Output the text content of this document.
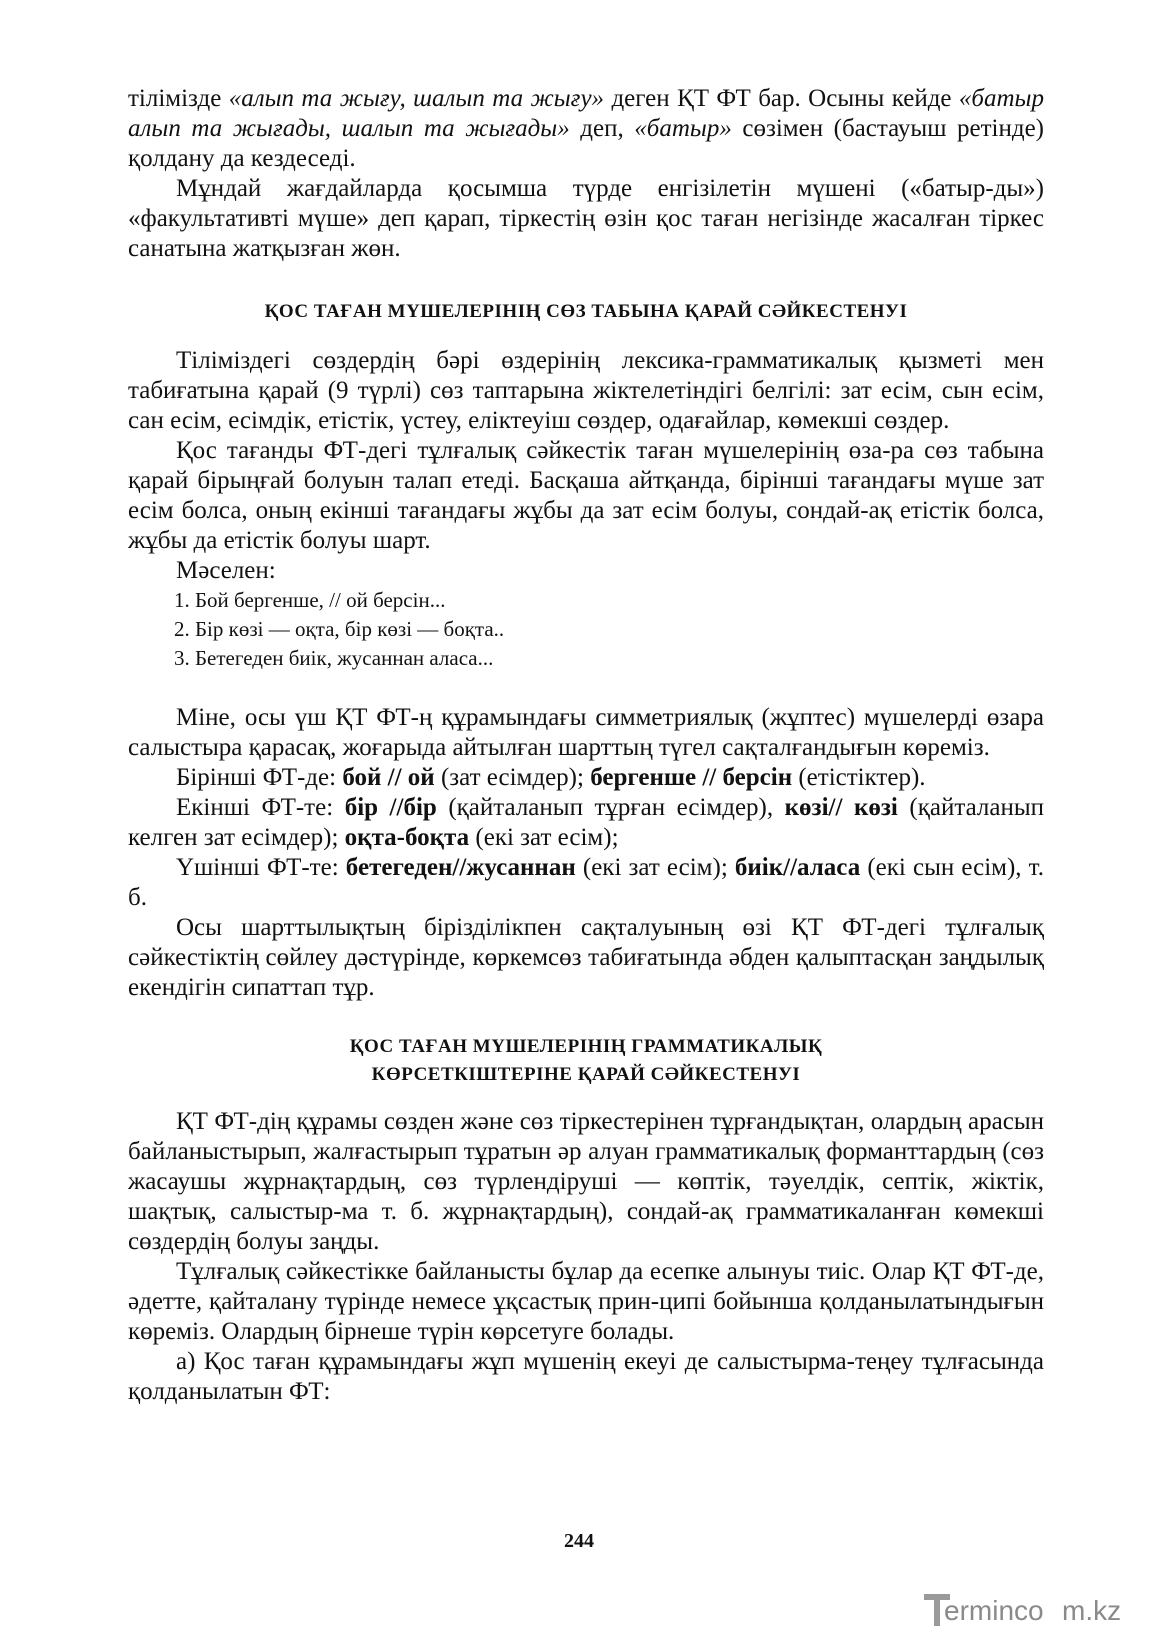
тілімізде «алып та жығу, шалып та жығу» деген ҚТ ФТ бар. Осыны кейде «батыр алып та жығады, шалып та жығады» деп, «батыр» сөзімен (бастауыш ретінде) қолдану да кездеседі.

Мұндай жағдайларда қосымша түрде енгізілетін мүшені («батыр-ды») «факультативті мүше» деп қарап, тіркестің өзін қос таған негізінде жасалған тіркес санатына жатқызған жөн.

ҚОС ТАҒАН МҮШЕЛЕРІНІҢ СӨЗ ТАБЫНА ҚАРАЙ СӘЙКЕСТЕНУІ

Тіліміздегі сөздердің бәрі өздерінің лексика-грамматикалық қызметі мен табиғатына қарай (9 түрлі) сөз таптарына жіктелетіндігі белгілі: зат есім, сын есім, сан есім, есімдік, етістік, үстеу, еліктеуіш сөздер, одағайлар, көмекші сөздер.

Қос тағанды ФТ-дегі тұлғалық сәйкестік таған мүшелерінің өза-ра сөз табына қарай бірыңғай болуын талап етеді. Басқаша айтқанда, бірінші тағандағы мүше зат есім болса, оның екінші тағандағы жұбы да зат есім болуы, сондай-ақ етістік болса, жұбы да етістік болуы шарт.

Мәселен:

1. Бой бергенше, // ой берсін...
2. Бір көзі — оқта, бір көзі — боқта..
3. Бетегеден биік, жусаннан аласа...

Міне, осы үш ҚТ ФТ-ң құрамындағы симметриялық (жұптес) мүшелерді өзара салыстыра қарасақ, жоғарыда айтылған шарттың түгел сақталғандығын көреміз.

Бірінші ФТ-де: бой // ой (зат есімдер); бергенше // берсін (етістіктер).

Екінші ФТ-те: бір //бір (қайталанып тұрған есімдер), көзі// көзі (қайталанып келген зат есімдер); оқта-боқта (екі зат есім);

Үшінші ФТ-те: бетегеден//жусаннан (екі зат есім); биік//аласа (екі сын есім), т. б.

Осы шарттылықтың бірізділікпен сақталуының өзі ҚТ ФТ-дегі тұлғалық сәйкестіктің сөйлеу дәстүрінде, көркемсөз табиғатында әбден қалыптасқан заңдылық екендігін сипаттап тұр.

ҚОС ТАҒАН МҮШЕЛЕРІНІҢ ГРАММАТИКАЛЫҚ
КӨРСЕТКІШТЕРІНЕ ҚАРАЙ СӘЙКЕСТЕНУІ

ҚТ ФТ-дің құрамы сөзден және сөз тіркестерінен тұрғандықтан, олардың арасын байланыстырып, жалғастырып тұратын әр алуан грамматикалық форманттардың (сөз жасаушы жұрнақтардың, сөз түрлендіруші — көптік, тәуелдік, септік, жіктік, шақтық, салыстыр-ма т. б. жұрнақтардың), сондай-ақ грамматикаланған көмекші сөздердің болуы заңды.

Тұлғалық сәйкестікке байланысты бұлар да есепке алынуы тиіс. Олар ҚТ ФТ-де, әдетте, қайталану түрінде немесе ұқсастық прин-ципі бойынша қолданылатындығын көреміз. Олардың бірнеше түрін көрсетуге болады.

а) Қос таған құрамындағы жұп мүшенің екеуі де салыстырма-теңеу тұлғасында қолданылатын ФТ:

244
ermincо m.kz
